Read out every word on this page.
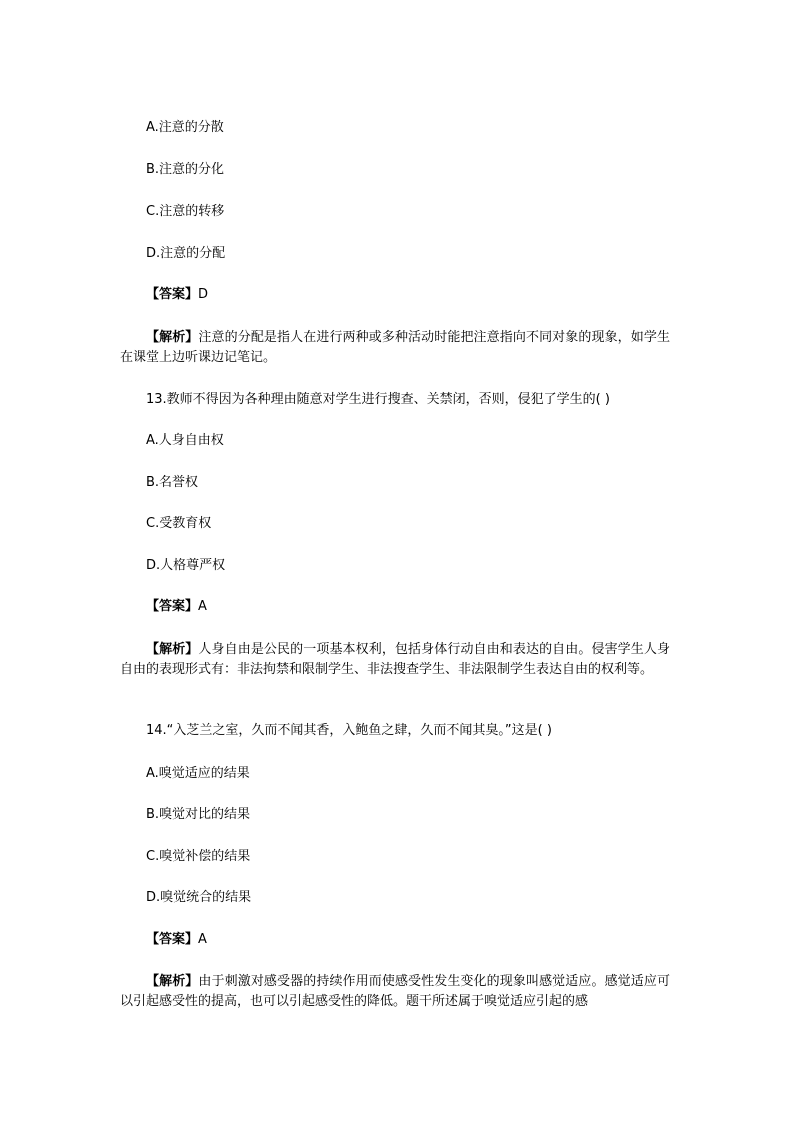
A.注意的分散
B.注意的分化
C.注意的转移
D.注意的分配
【答案】D
【解析】注意的分配是指人在进行两种或多种活动时能把注意指向不同对象的现象，如学生在课堂上边听课边记笔记。
13.教师不得因为各种理由随意对学生进行搜查、关禁闭，否则，侵犯了学生的( )
A.人身自由权
B.名誉权
C.受教育权
D.人格尊严权
【答案】A
【解析】人身自由是公民的一项基本权利，包括身体行动自由和表达的自由。侵害学生人身自由的表现形式有：非法拘禁和限制学生、非法搜查学生、非法限制学生表达自由的权利等。
14.“入芝兰之室，久而不闻其香，入鲍鱼之肆，久而不闻其臭。”这是( )
A.嗅觉适应的结果
B.嗅觉对比的结果
C.嗅觉补偿的结果
D.嗅觉统合的结果
【答案】A
【解析】由于刺激对感受器的持续作用而使感受性发生变化的现象叫感觉适应。感觉适应可以引起感受性的提高，也可以引起感受性的降低。题干所述属于嗅觉适应引起的感
